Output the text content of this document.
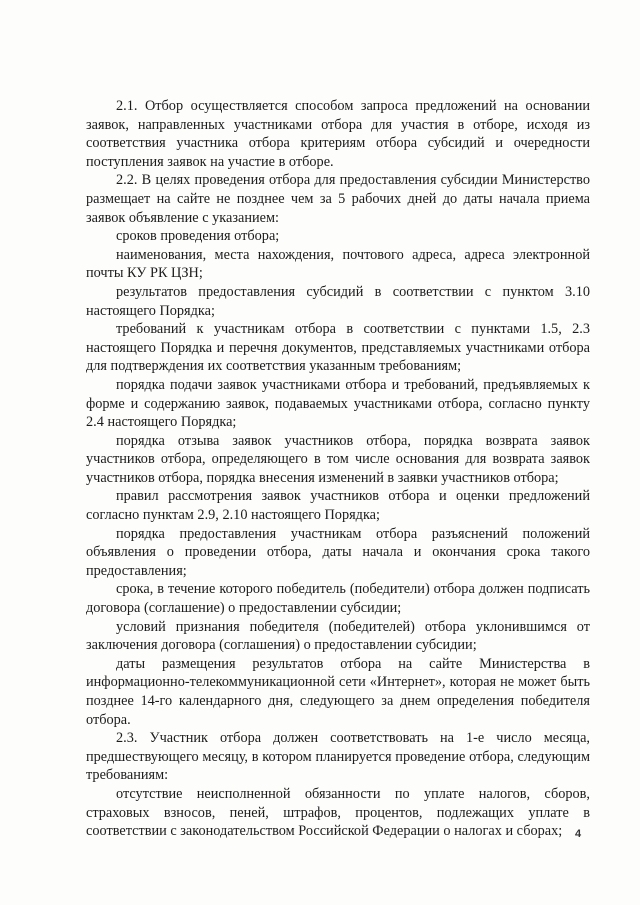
2.1. Отбор осуществляется способом запроса предложений на основании заявок, направленных участниками отбора для участия в отборе, исходя из соответствия участника отбора критериям отбора субсидий и очередности поступления заявок на участие в отборе.

2.2. В целях проведения отбора для предоставления субсидии Министерство размещает на сайте не позднее чем за 5 рабочих дней до даты начала приема заявок объявление с указанием:

сроков проведения отбора;

наименования, места нахождения, почтового адреса, адреса электронной почты КУ РК ЦЗН;

результатов предоставления субсидий в соответствии с пунктом 3.10 настоящего Порядка;

требований к участникам отбора в соответствии с пунктами 1.5, 2.3 настоящего Порядка и перечня документов, представляемых участниками отбора для подтверждения их соответствия указанным требованиям;

порядка подачи заявок участниками отбора и требований, предъявляемых к форме и содержанию заявок, подаваемых участниками отбора, согласно пункту 2.4 настоящего Порядка;

порядка отзыва заявок участников отбора, порядка возврата заявок участников отбора, определяющего в том числе основания для возврата заявок участников отбора, порядка внесения изменений в заявки участников отбора;

правил рассмотрения заявок участников отбора и оценки предложений согласно пунктам 2.9, 2.10 настоящего Порядка;

порядка предоставления участникам отбора разъяснений положений объявления о проведении отбора, даты начала и окончания срока такого предоставления;

срока, в течение которого победитель (победители) отбора должен подписать договора (соглашение) о предоставлении субсидии;

условий признания победителя (победителей) отбора уклонившимся от заключения договора (соглашения) о предоставлении субсидии;

даты размещения результатов отбора на сайте Министерства в информационно-телекоммуникационной сети «Интернет», которая не может быть позднее 14-го календарного дня, следующего за днем определения победителя отбора.

2.3. Участник отбора должен соответствовать на 1-е число месяца, предшествующего месяцу, в котором планируется проведение отбора, следующим требованиям:

отсутствие неисполненной обязанности по уплате налогов, сборов, страховых взносов, пеней, штрафов, процентов, подлежащих уплате в соответствии с законодательством Российской Федерации о налогах и сборах;	4
